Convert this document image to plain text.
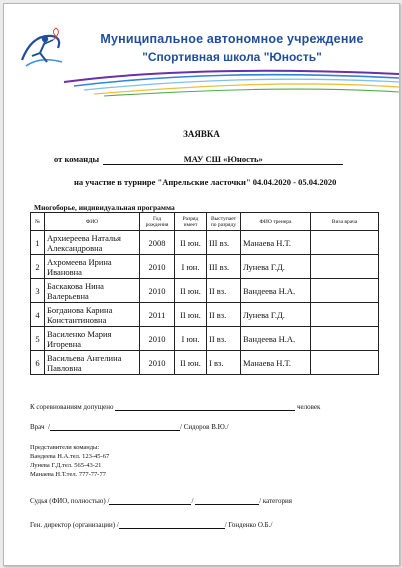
Муниципальное автономное учреждение
"Спортивная школа "Юность"
ЗАЯВКА
от команды	МАУ СШ «Юность»
на участие в турнире "Апрельские ласточки" 04.04.2020 - 05.04.2020
Многоборье, индивидуальная программа
№	ФИО	Год рождения	Разряд имеет	Выступает по разряду	ФИО тренера	Виза врача
1	Архиереева Наталья Александровна	2008	II юн.	III вз.	Манаева Н.Т.	
2	Ахромеева Ирина Ивановна	2010	I юн.	III вз.	Лунева Г.Д.	
3	Баскакова Нина Валерьевна	2010	II юн.	II вз.	Вандеева Н.А.	
4	Богданова Карина Константиновна	2011	II юн.	II вз.	Лунева Г.Д.	
5	Василенко Мария Игоревна	2010	I юн.	II вз.	Вандеева Н.А.	
6	Васильева Ангелина Павловна	2010	II юн.	I вз.	Манаева Н.Т.	
К соревнованиям допущено	человек
Врач  /	/ Сидоров В.Ю./
Представители команды:
Вандеева Н.А.тел. 123-45-67
Лунева Г.Д.тел. 565-43-21
Манаева Н.Т.тел. 777-77-77
Судья (ФИО, полностью) /	/	/ категория
Ген. директор (организации) /	/ Гонденко О.Б./
